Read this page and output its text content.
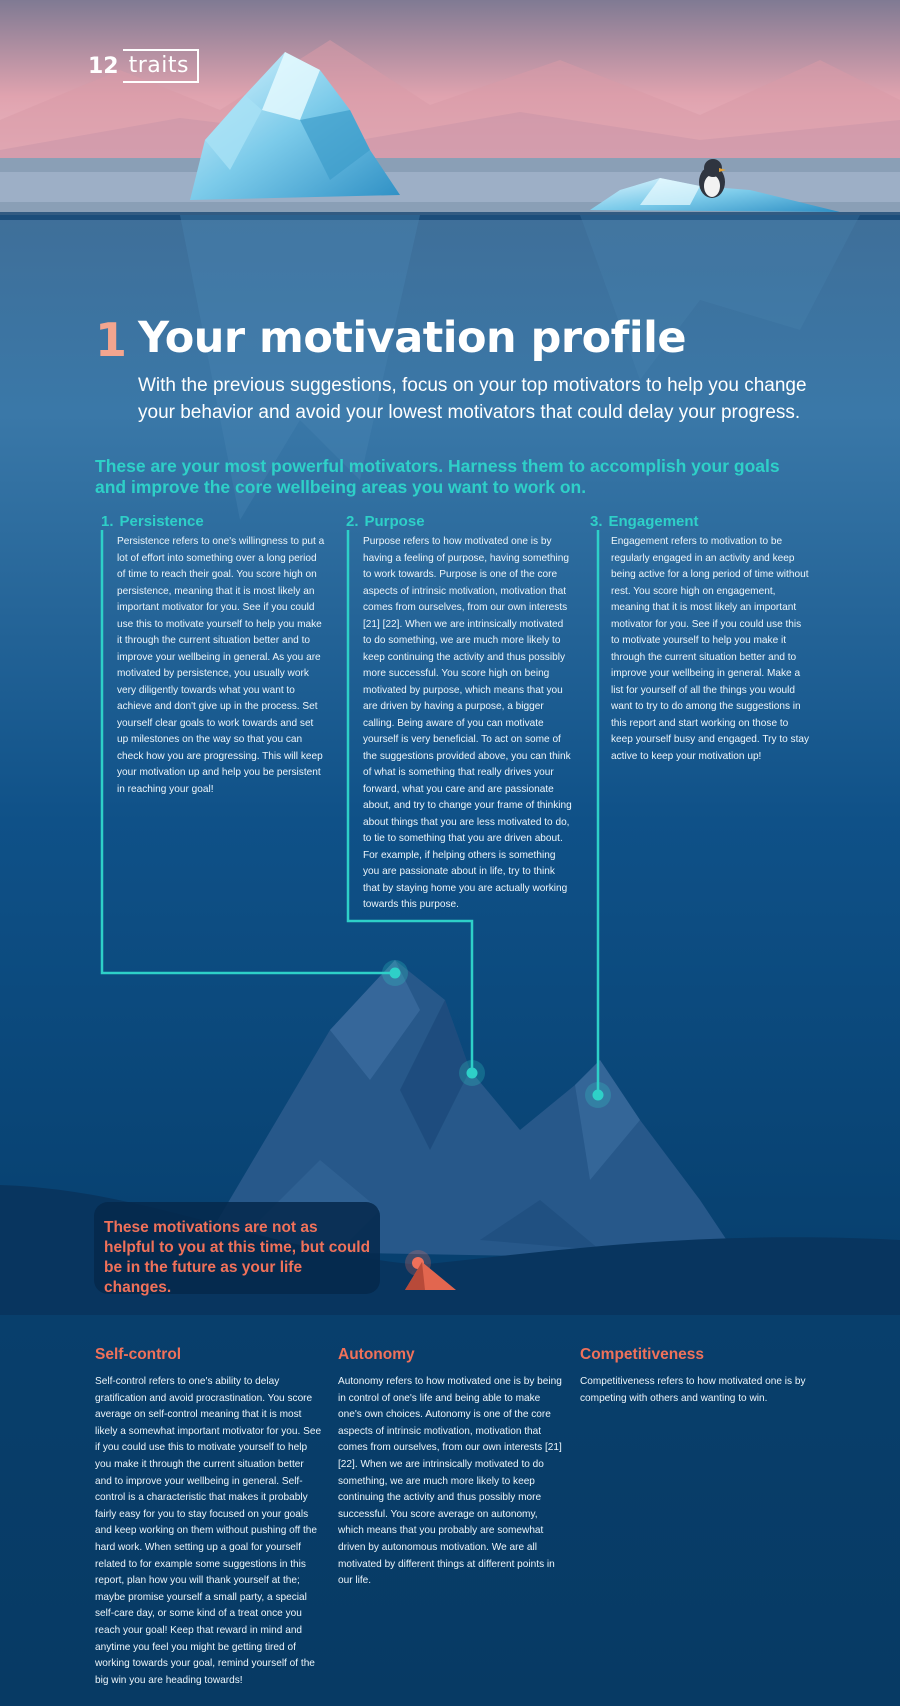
12 traits
1 Your motivation profile
With the previous suggestions, focus on your top motivators to help you change your behavior and avoid your lowest motivators that could delay your progress.
These are your most powerful motivators. Harness them to accomplish your goals and improve the core wellbeing areas you want to work on.
1. Persistence

Persistence refers to one's willingness to put a lot of effort into something over a long period of time to reach their goal. You score high on persistence, meaning that it is most likely an important motivator for you. See if you could use this to motivate yourself to help you make it through the current situation better and to improve your wellbeing in general. As you are motivated by persistence, you usually work very diligently towards what you want to achieve and don't give up in the process. Set yourself clear goals to work towards and set up milestones on the way so that you can check how you are progressing. This will keep your motivation up and help you be persistent in reaching your goal!

2. Purpose

Purpose refers to how motivated one is by having a feeling of purpose, having something to work towards. Purpose is one of the core aspects of intrinsic motivation, motivation that comes from ourselves, from our own interests [21] [22]. When we are intrinsically motivated to do something, we are much more likely to keep continuing the activity and thus possibly more successful. You score high on being motivated by purpose, which means that you are driven by having a purpose, a bigger calling. Being aware of you can motivate yourself is very beneficial. To act on some of the suggestions provided above, you can think of what is something that really drives your forward, what you care and are passionate about, and try to change your frame of thinking about things that you are less motivated to do, to tie to something that you are driven about. For example, if helping others is something you are passionate about in life, try to think that by staying home you are actually working towards this purpose.

3. Engagement

Engagement refers to motivation to be regularly engaged in an activity and keep being active for a long period of time without rest. You score high on engagement, meaning that it is most likely an important motivator for you. See if you could use this to motivate yourself to help you make it through the current situation better and to improve your wellbeing in general. Make a list for yourself of all the things you would want to try to do among the suggestions in this report and start working on those to keep yourself busy and engaged. Try to stay active to keep your motivation up!

These motivations are not as helpful to you at this time, but could be in the future as your life changes.

Self-control

Self-control refers to one's ability to delay gratification and avoid procrastination. You score average on self-control meaning that it is most likely a somewhat important motivator for you. See if you could use this to motivate yourself to help you make it through the current situation better and to improve your wellbeing in general. Self-control is a characteristic that makes it probably fairly easy for you to stay focused on your goals and keep working on them without pushing off the hard work. When setting up a goal for yourself related to for example some suggestions in this report, plan how you will thank yourself at the; maybe promise yourself a small party, a special self-care day, or some kind of a treat once you reach your goal! Keep that reward in mind and anytime you feel you might be getting tired of working towards your goal, remind yourself of the big win you are heading towards!

Autonomy

Autonomy refers to how motivated one is by being in control of one's life and being able to make one's own choices. Autonomy is one of the core aspects of intrinsic motivation, motivation that comes from ourselves, from our own interests [21] [22]. When we are intrinsically motivated to do something, we are much more likely to keep continuing the activity and thus possibly more successful. You score average on autonomy, which means that you probably are somewhat driven by autonomous motivation. We are all motivated by different things at different points in our life.

Competitiveness

Competitiveness refers to how motivated one is by competing with others and wanting to win.
